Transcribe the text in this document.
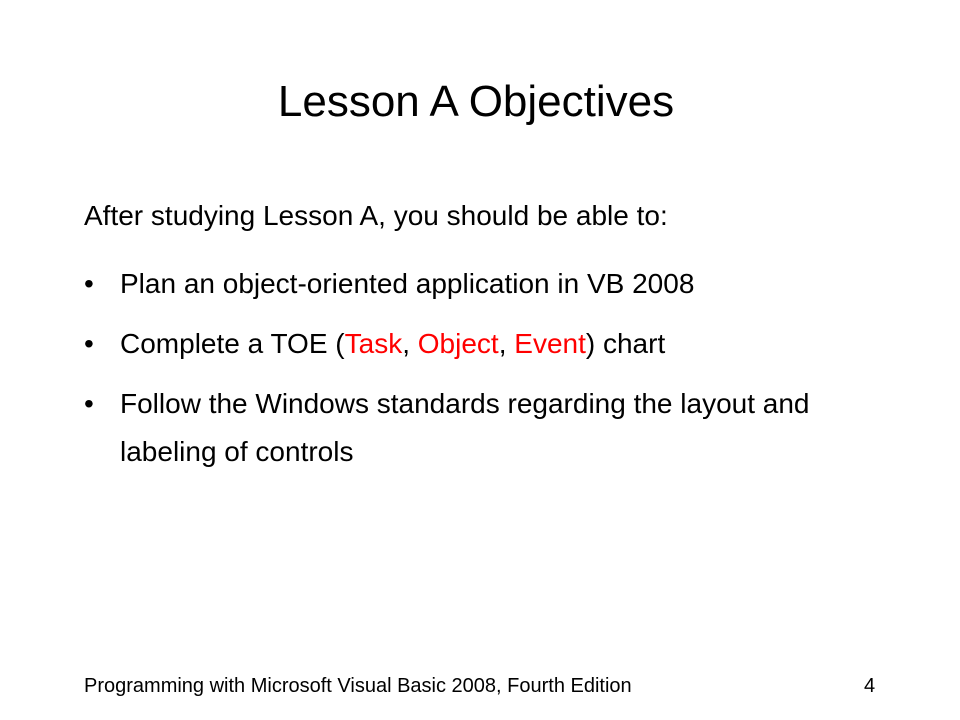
Lesson A Objectives

After studying Lesson A, you should be able to:

• Plan an object-oriented application in VB 2008
• Complete a TOE (Task, Object, Event) chart
• Follow the Windows standards regarding the layout and labeling of controls
Programming with Microsoft Visual Basic 2008, Fourth Edition	4
